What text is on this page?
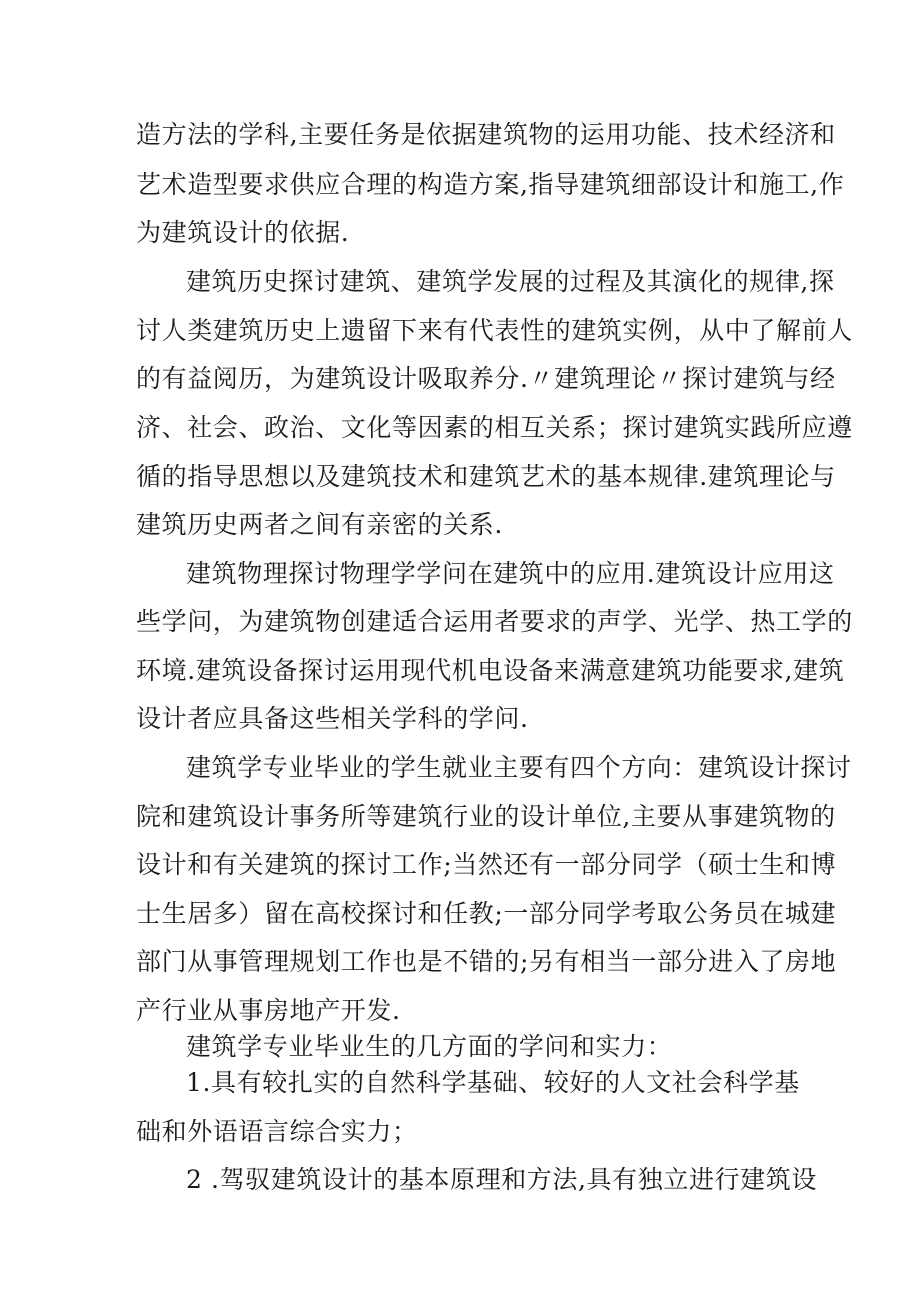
造方法的学科,主要任务是依据建筑物的运用功能、技术经济和
艺术造型要求供应合理的构造方案,指导建筑细部设计和施工,作
为建筑设计的依据.
建筑历史探讨建筑、建筑学发展的过程及其演化的规律,探
讨人类建筑历史上遗留下来有代表性的建筑实例，从中了解前人
的有益阅历，为建筑设计吸取养分.〃建筑理论〃探讨建筑与经
济、社会、政治、文化等因素的相互关系；探讨建筑实践所应遵
循的指导思想以及建筑技术和建筑艺术的基本规律.建筑理论与
建筑历史两者之间有亲密的关系.
建筑物理探讨物理学学问在建筑中的应用.建筑设计应用这
些学问，为建筑物创建适合运用者要求的声学、光学、热工学的
环境.建筑设备探讨运用现代机电设备来满意建筑功能要求,建筑
设计者应具备这些相关学科的学问.
建筑学专业毕业的学生就业主要有四个方向：建筑设计探讨
院和建筑设计事务所等建筑行业的设计单位,主要从事建筑物的
设计和有关建筑的探讨工作;当然还有一部分同学（硕士生和博
士生居多）留在高校探讨和任教;一部分同学考取公务员在城建
部门从事管理规划工作也是不错的;另有相当一部分进入了房地
产行业从事房地产开发.
建筑学专业毕业生的几方面的学问和实力：
1.具有较扎实的自然科学基础、较好的人文社会科学基
础和外语语言综合实力；
2 .驾驭建筑设计的基本原理和方法,具有独立进行建筑设
